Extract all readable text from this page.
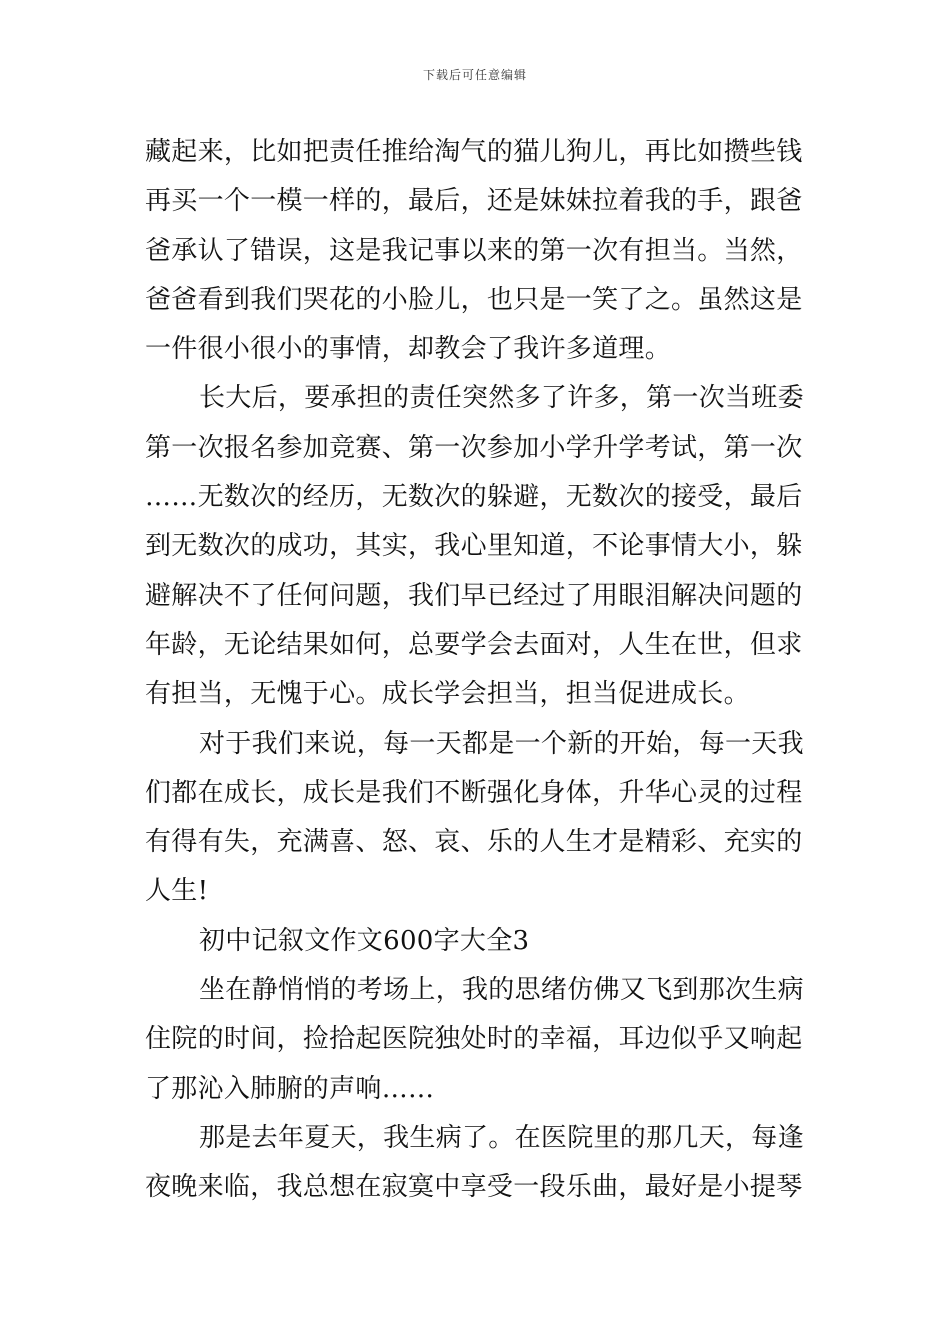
下载后可任意编辑
藏起来，比如把责任推给淘气的猫儿狗儿，再比如攒些钱
再买一个一模一样的，最后，还是妹妹拉着我的手，跟爸
爸承认了错误，这是我记事以来的第一次有担当。当然，
爸爸看到我们哭花的小脸儿，也只是一笑了之。虽然这是
一件很小很小的事情，却教会了我许多道理。
长大后，要承担的责任突然多了许多，第一次当班委
第一次报名参加竞赛、第一次参加小学升学考试，第一次
……无数次的经历，无数次的躲避，无数次的接受，最后
到无数次的成功，其实，我心里知道，不论事情大小，躲
避解决不了任何问题，我们早已经过了用眼泪解决问题的
年龄，无论结果如何，总要学会去面对，人生在世，但求
有担当，无愧于心。成长学会担当，担当促进成长。
对于我们来说，每一天都是一个新的开始，每一天我
们都在成长，成长是我们不断强化身体，升华心灵的过程
有得有失，充满喜、怒、哀、乐的人生才是精彩、充实的
人生!
初中记叙文作文600字大全3
坐在静悄悄的考场上，我的思绪仿佛又飞到那次生病
住院的时间，捡拾起医院独处时的幸福，耳边似乎又响起
了那沁入肺腑的声响……
那是去年夏天，我生病了。在医院里的那几天，每逢
夜晚来临，我总想在寂寞中享受一段乐曲，最好是小提琴
